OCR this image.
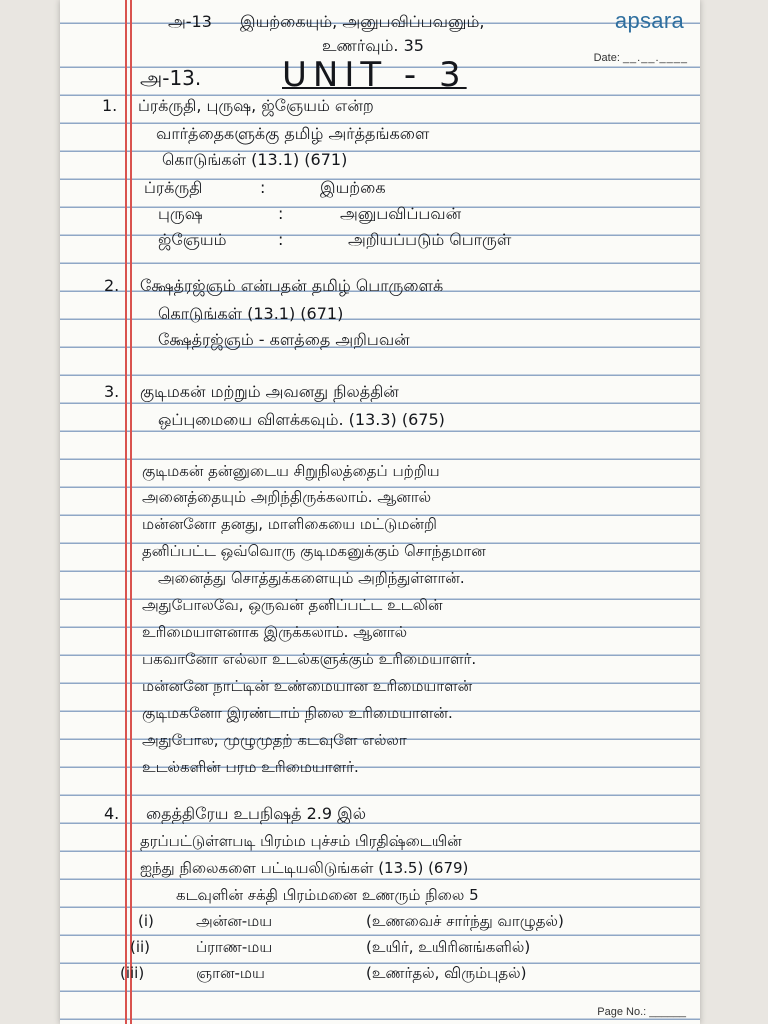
apsara
Date: __.__.____
அ-13 இயற்கையும், அனுபவிப்பவனும்,
உணர்வும். 35
அ-13. UNIT - 3
1. ப்ரக்ருதி, புருஷ, ஜ்ஞேயம் என்ற
வார்த்தைகளுக்கு தமிழ் அர்த்தங்களை
கொடுங்கள் (13.1) (671)
ப்ரக்ருதி	:	இயற்கை
புருஷ	:	அனுபவிப்பவன்
ஜ்ஞேயம்	:	அறியப்படும் பொருள்
2. க்ஷேத்ரஜ்ஞம் என்பதன் தமிழ் பொருளைக்
கொடுங்கள் (13.1) (671)
க்ஷேத்ரஜ்ஞம் - களத்தை அறிபவன்
3. குடிமகன் மற்றும் அவனது நிலத்தின்
ஒப்புமையை விளக்கவும். (13.3) (675)
குடிமகன் தன்னுடைய சிறுநிலத்தைப் பற்றிய
அனைத்தையும் அறிந்திருக்கலாம். ஆனால்
மன்னனோ தனது, மாளிகையை மட்டுமன்றி
தனிப்பட்ட ஒவ்வொரு குடிமகனுக்கும் சொந்தமான
அனைத்து சொத்துக்களையும் அறிந்துள்ளான்.
அதுபோலவே, ஒருவன் தனிப்பட்ட உடலின்
உரிமையாளனாக இருக்கலாம். ஆனால்
பகவானோ எல்லா உடல்களுக்கும் உரிமையாளர்.
மன்னனே நாட்டின் உண்மையான உரிமையாளன்
குடிமகனோ இரண்டாம் நிலை உரிமையாளன்.
அதுபோல, முழுமுதற் கடவுளே எல்லா
உடல்களின் பரம உரிமையாளர்.
4. தைத்திரேய உபநிஷத் 2.9 இல்
தரப்பட்டுள்ளபடி பிரம்ம புச்சம் பிரதிஷ்டையின்
ஐந்து நிலைகளை பட்டியலிடுங்கள் (13.5) (679)
கடவுளின் சக்தி பிரம்மனை உணரும் நிலை 5
(i)	அன்ன-மய	(உணவைச் சார்ந்து வாழுதல்)
(ii)	ப்ராண-மய	(உயிர், உயிரினங்களில்)
(iii)	ஞான-மய	(உணர்தல், விரும்புதல்)
Page No.: ______
